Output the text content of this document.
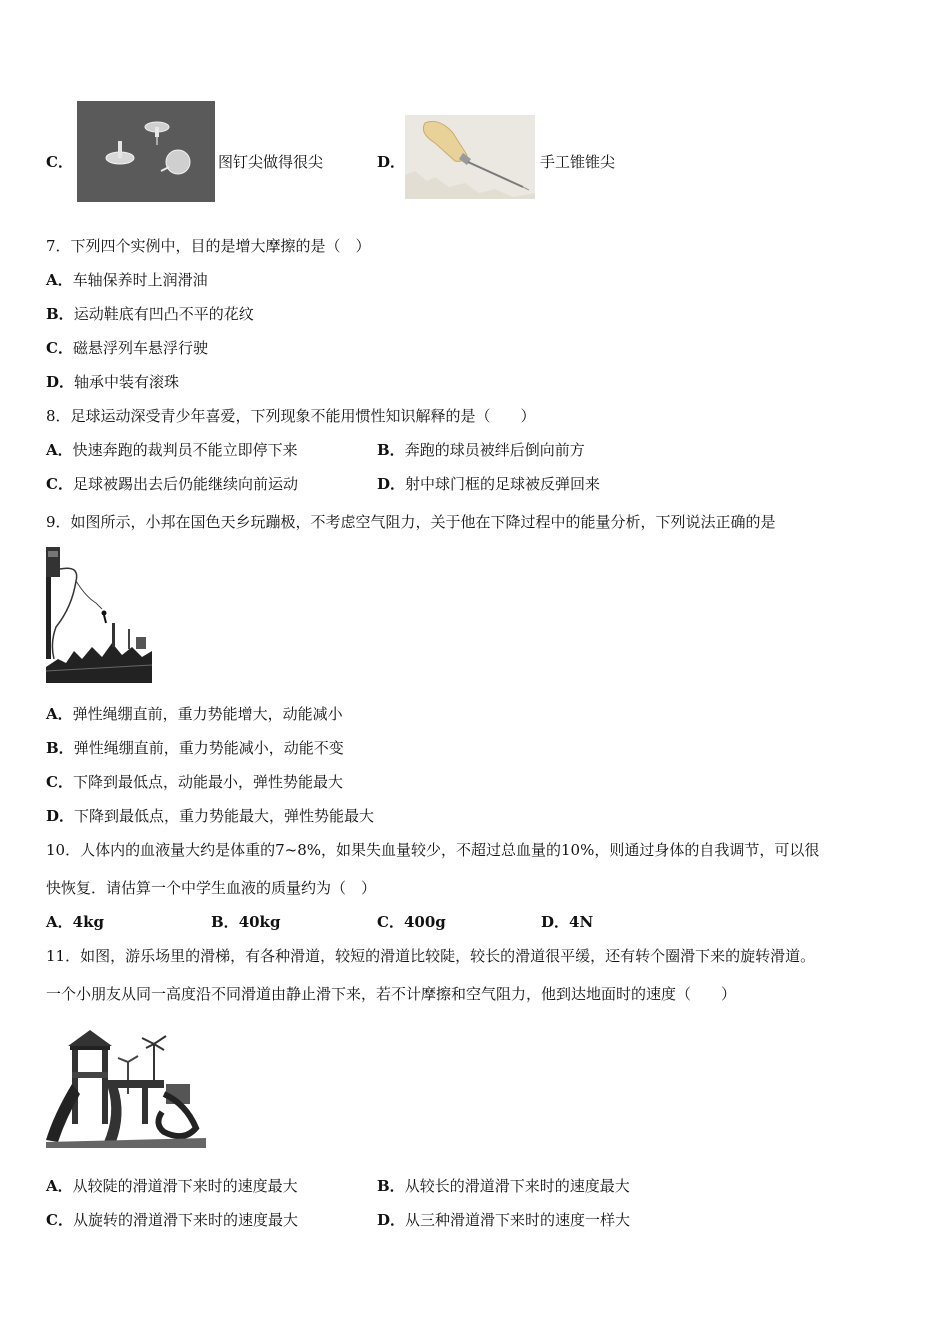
C．	图钉尖做得很尖	D．	手工锥锥尖
7．下列四个实例中，目的是增大摩擦的是（　）
A．车轴保养时上润滑油
B．运动鞋底有凹凸不平的花纹
C．磁悬浮列车悬浮行驶
D．轴承中装有滚珠
8．足球运动深受青少年喜爱，下列现象不能用惯性知识解释的是（　　）
A．快速奔跑的裁判员不能立即停下来	B．奔跑的球员被绊后倒向前方
C．足球被踢出去后仍能继续向前运动	D．射中球门框的足球被反弹回来
9．如图所示，小邦在国色天乡玩蹦极，不考虑空气阻力，关于他在下降过程中的能量分析，下列说法正确的是
A．弹性绳绷直前，重力势能增大，动能减小
B．弹性绳绷直前，重力势能减小，动能不变
C．下降到最低点，动能最小，弹性势能最大
D．下降到最低点，重力势能最大，弹性势能最大
10．人体内的血液量大约是体重的7~8%，如果失血量较少，不超过总血量的10%，则通过身体的自我调节，可以很
快恢复．请估算一个中学生血液的质量约为（　）
A．4kg	B．40kg	C．400g	D．4N
11．如图，游乐场里的滑梯，有各种滑道，较短的滑道比较陡，较长的滑道很平缓，还有转个圈滑下来的旋转滑道。
一个小朋友从同一高度沿不同滑道由静止滑下来，若不计摩擦和空气阻力，他到达地面时的速度（　　）
A．从较陡的滑道滑下来时的速度最大	B．从较长的滑道滑下来时的速度最大
C．从旋转的滑道滑下来时的速度最大	D．从三种滑道滑下来时的速度一样大
